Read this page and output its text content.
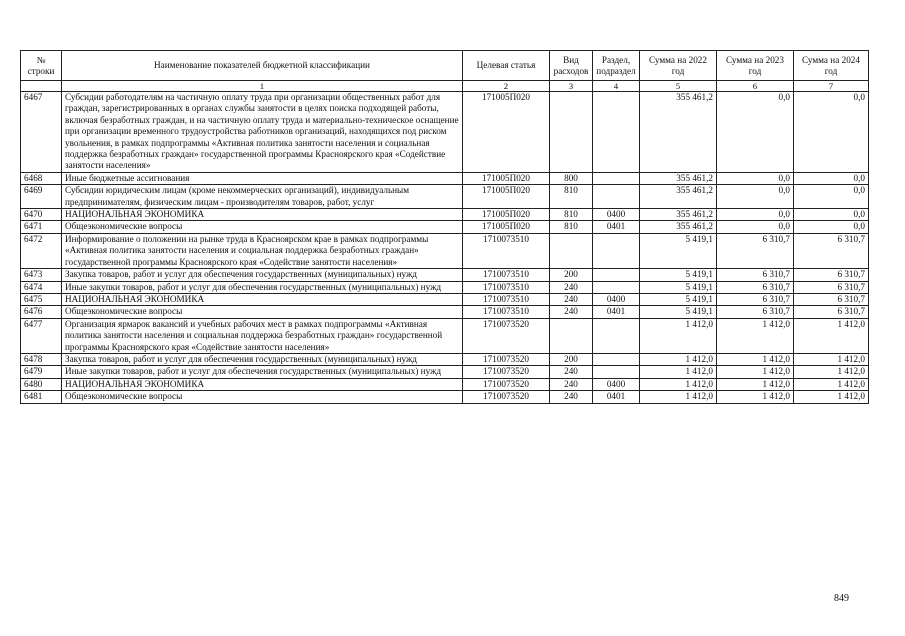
№ строки	Наименование показателей бюджетной классификации	Целевая статья	Вид расходов	Раздел, подраздел	Сумма на 2022 год	Сумма на 2023 год	Сумма на 2024 год
	1	2	3	4	5	6	7
6467	Субсидии работодателям на частичную оплату труда при организации общественных работ для граждан, зарегистрированных в органах службы занятости в целях поиска подходящей работы, включая безработных граждан, и на частичную оплату труда и материально-техническое оснащение при организации временного трудоустройства работников организаций, находящихся под риском увольнения, в рамках подпрограммы «Активная политика занятости населения и социальная поддержка безработных граждан» государственной программы Красноярского края «Содействие занятости населения»	171005П020			355 461,2	0,0	0,0
6468	Иные бюджетные ассигнования	171005П020	800		355 461,2	0,0	0,0
6469	Субсидии юридическим лицам (кроме некоммерческих организаций), индивидуальным предпринимателям, физическим лицам - производителям товаров, работ, услуг	171005П020	810		355 461,2	0,0	0,0
6470	НАЦИОНАЛЬНАЯ ЭКОНОМИКА	171005П020	810	0400	355 461,2	0,0	0,0
6471	Общеэкономические вопросы	171005П020	810	0401	355 461,2	0,0	0,0
6472	Информирование о положении на рынке труда в Красноярском крае в рамках подпрограммы «Активная политика занятости населения и социальная поддержка безработных граждан» государственной программы Красноярского края «Содействие занятости населения»	1710073510			5 419,1	6 310,7	6 310,7
6473	Закупка товаров, работ и услуг для обеспечения государственных (муниципальных) нужд	1710073510	200		5 419,1	6 310,7	6 310,7
6474	Иные закупки товаров, работ и услуг для обеспечения государственных (муниципальных) нужд	1710073510	240		5 419,1	6 310,7	6 310,7
6475	НАЦИОНАЛЬНАЯ ЭКОНОМИКА	1710073510	240	0400	5 419,1	6 310,7	6 310,7
6476	Общеэкономические вопросы	1710073510	240	0401	5 419,1	6 310,7	6 310,7
6477	Организация ярмарок вакансий и учебных рабочих мест в рамках подпрограммы «Активная политика занятости населения и социальная поддержка безработных граждан» государственной программы Красноярского края «Содействие занятости населения»	1710073520			1 412,0	1 412,0	1 412,0
6478	Закупка товаров, работ и услуг для обеспечения государственных (муниципальных) нужд	1710073520	200		1 412,0	1 412,0	1 412,0
6479	Иные закупки товаров, работ и услуг для обеспечения государственных (муниципальных) нужд	1710073520	240		1 412,0	1 412,0	1 412,0
6480	НАЦИОНАЛЬНАЯ ЭКОНОМИКА	1710073520	240	0400	1 412,0	1 412,0	1 412,0
6481	Общеэкономические вопросы	1710073520	240	0401	1 412,0	1 412,0	1 412,0
849
